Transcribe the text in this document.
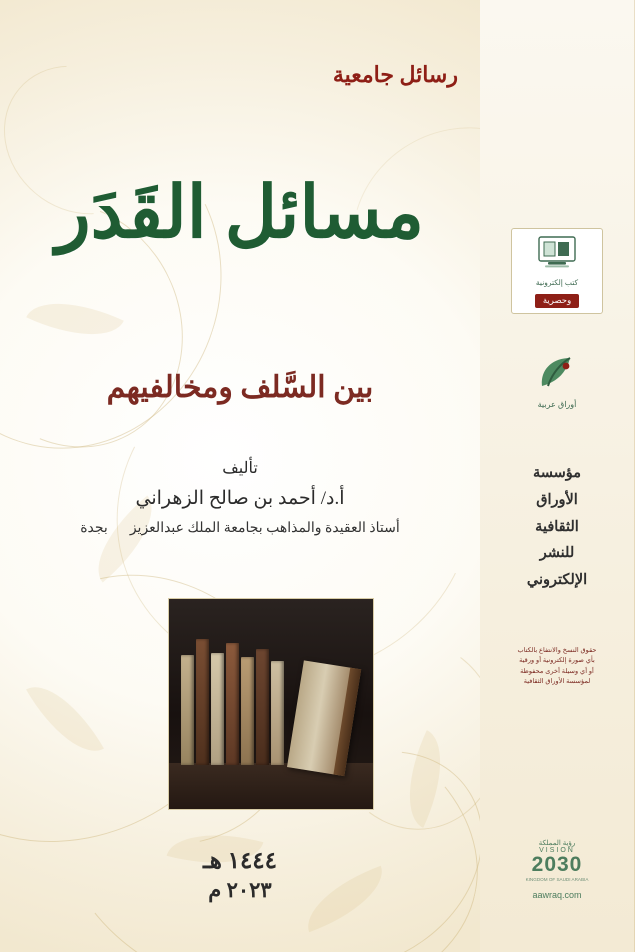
رسائل جامعية
مسائل القَدَر
بين السَّلف ومخالفيهم
تأليف
أ.د/ أحمد بن صالح الزهراني
أستاذ العقيدة والمذاهب بجامعة الملك عبدالعزيزبجدة
١٤٤٤ هـ
٢٠٢٣ م
كتب إلكترونية وحصرية
أوراق عربية
مؤسسة
الأوراق
الثقافية
للنشر
الإلكتروني
حقوق النسخ والانتفاع بالكتاب
بأي صورة إلكترونية أو ورقية
أو أي وسيلة أخرى محفوظة
لمؤسسة الأوراق الثقافية
رؤية المملكة
VISION
2030
KINGDOM OF SAUDI ARABIA
aawraq.com
